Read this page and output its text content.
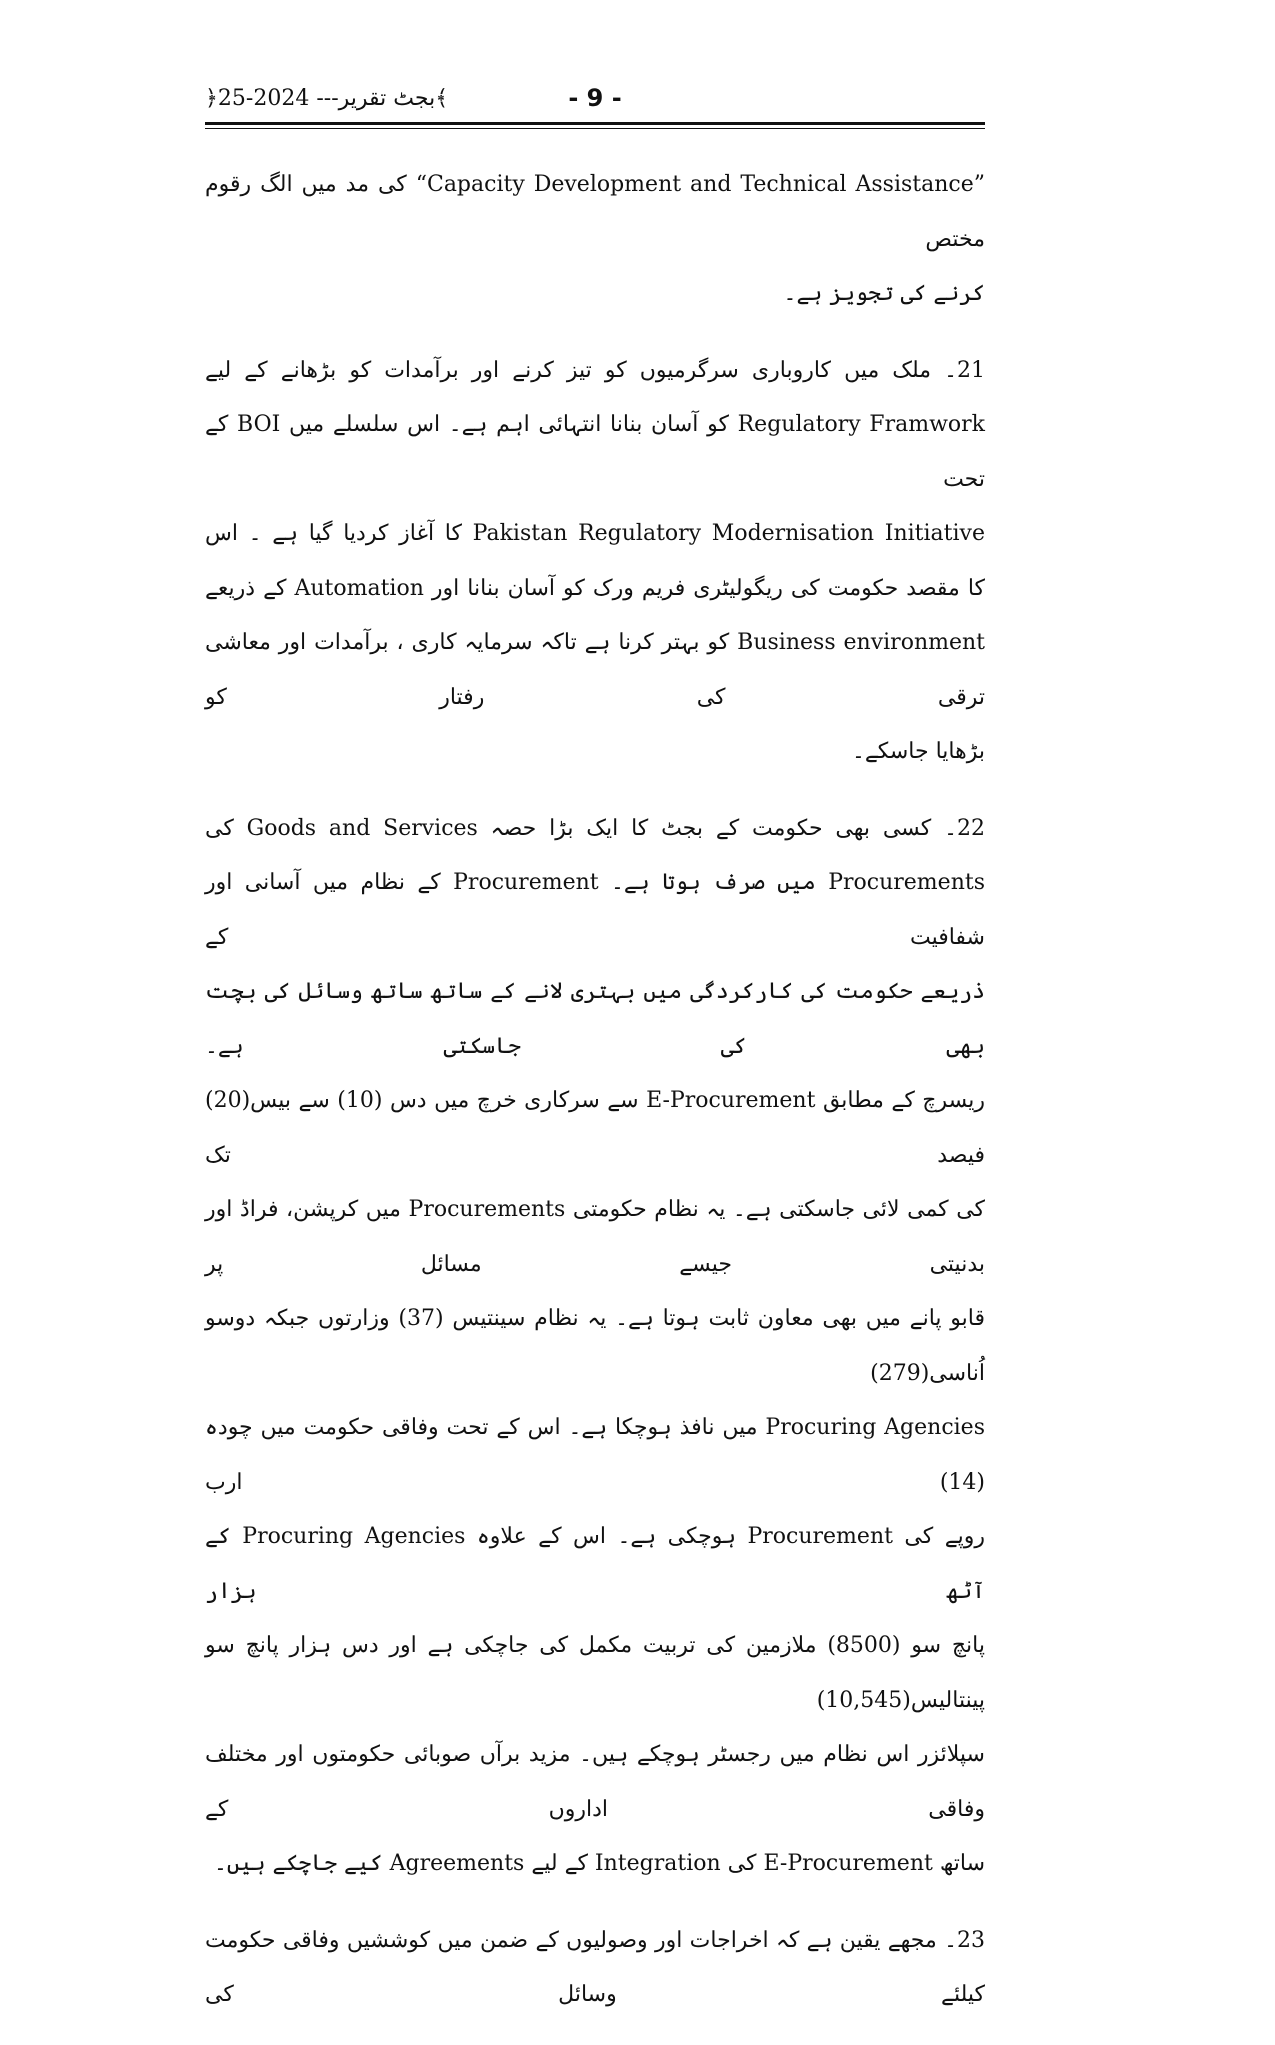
﴾بجٹ تقریر--- 2024-25﴿	- 9 -

”Capacity Development and Technical Assistance“ کی مد میں الگ رقوم مختص
کرنے کی تجویز ہے۔

21۔ ملک میں کاروباری سرگرمیوں کو تیز کرنے اور برآمدات کو بڑھانے کے لیے
Regulatory Framwork کو آسان بنانا انتہائی اہم ہے۔ اس سلسلے میں BOI کے تحت
Pakistan Regulatory Modernisation Initiative کا آغاز کردیا گیا ہے ۔ اس
کا مقصد حکومت کی ریگولیٹری فریم ورک کو آسان بنانا اور Automation کے ذریعے
Business environment کو بہتر کرنا ہے تاکہ سرمایہ کاری ، برآمدات اور معاشی ترقی کی رفتار کو
بڑھایا جاسکے۔

22۔ کسی بھی حکومت کے بجٹ کا ایک بڑا حصہ Goods and Services کی
Procurements میں صرف ہوتا ہے۔ Procurement کے نظام میں آسانی اور شفافیت کے
ذریعے حکومت کی کارکردگی میں بہتری لانے کے ساتھ ساتھ وسائل کی بچت بھی کی جاسکتی ہے۔
ریسرچ کے مطابق E-Procurement سے سرکاری خرچ میں دس (10) سے بیس(20) فیصد تک
کی کمی لائی جاسکتی ہے۔ یہ نظام حکومتی Procurements میں کرپشن، فراڈ اور بدنیتی جیسے مسائل پر
قابو پانے میں بھی معاون ثابت ہوتا ہے۔ یہ نظام سینتیس (37) وزارتوں جبکہ دوسو اُناسی(279)
Procuring Agencies میں نافذ ہوچکا ہے۔ اس کے تحت وفاقی حکومت میں چودہ (14) ارب
روپے کی Procurement ہوچکی ہے۔ اس کے علاوہ Procuring Agencies کے آٹھ ہزار
پانچ سو (8500) ملازمین کی تربیت مکمل کی جاچکی ہے اور دس ہزار پانچ سو پینتالیس(10,545)
سپلائزر اس نظام میں رجسٹر ہوچکے ہیں۔ مزید برآں صوبائی حکومتوں اور مختلف وفاقی اداروں کے
ساتھ E-Procurement کی Integration کے لیے Agreements کیے جاچکے ہیں۔

23۔ مجھے یقین ہے کہ اخراجات اور وصولیوں کے ضمن میں کوششیں وفاقی حکومت کیلئے وسائل کی
